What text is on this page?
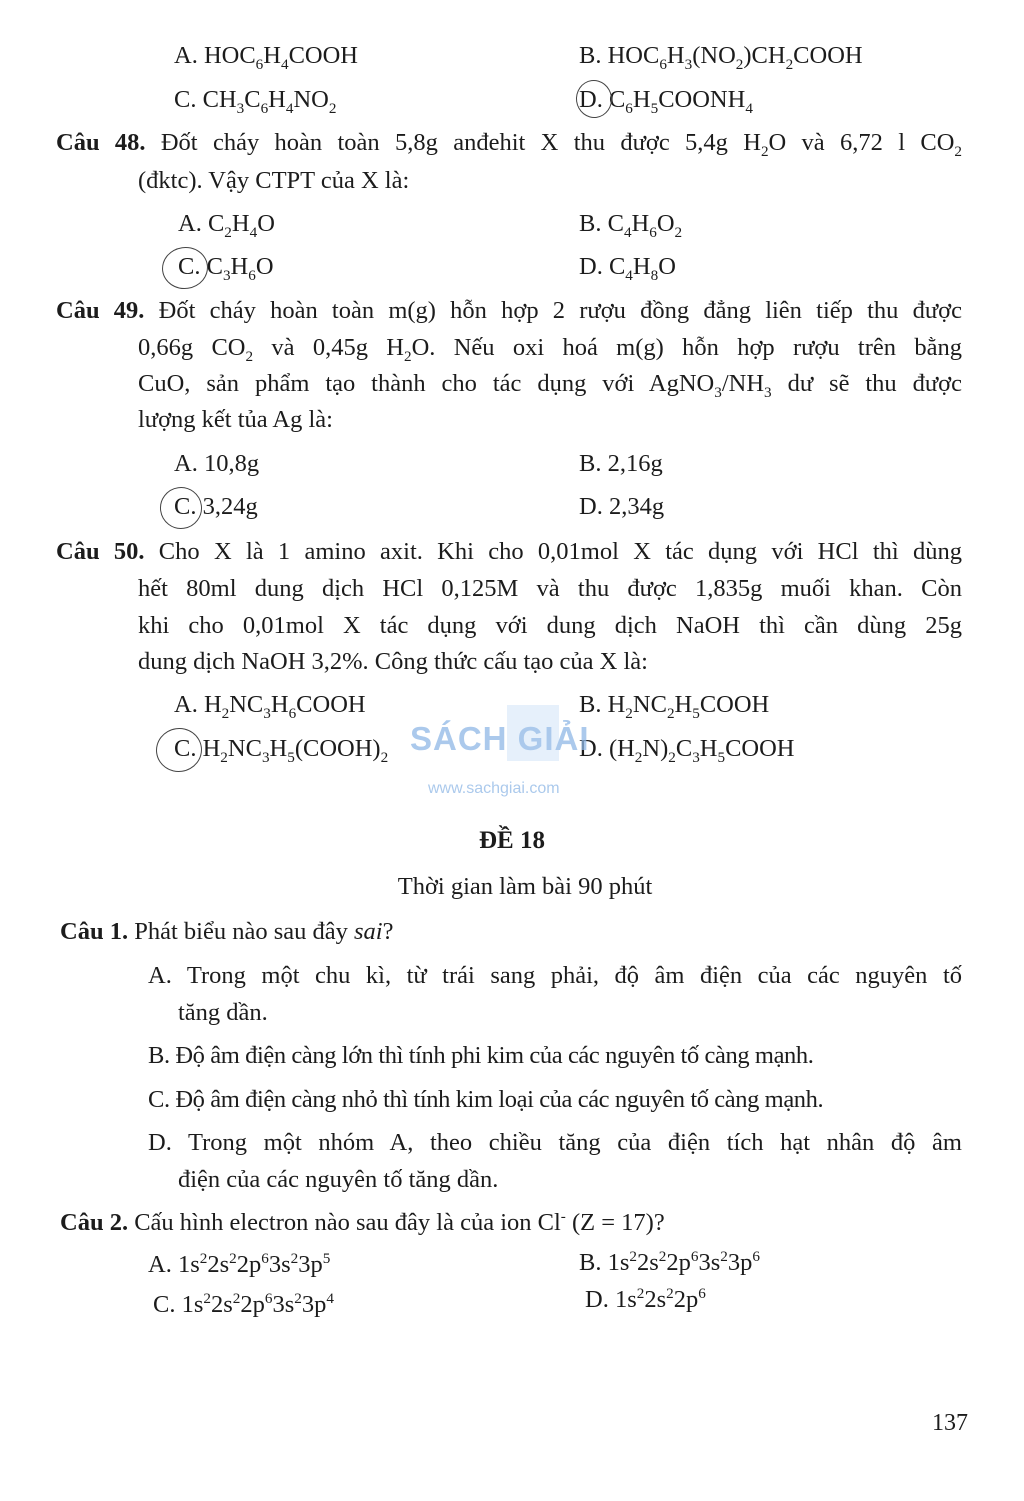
A. $HOC_6H_4COOH$	B. $HOC_6H_3(NO_2)CH_2COOH$
C. $CH_3C_6H_4NO_2$	D. $C_6H_5COONH_4$
Câu 48. Đốt cháy hoàn toàn 5,8g anđehit X thu được 5,4g $H_2O$ và 6,72 l $CO_2$
(đktc). Vậy CTPT của X là:
A. $C_2H_4O$	B. $C_4H_6O_2$
C. $C_3H_6O$	D. $C_4H_8O$
Câu 49. Đốt cháy hoàn toàn m(g) hỗn hợp 2 rượu đồng đẳng liên tiếp thu được
0,66g $CO_2$ và 0,45g $H_2O$. Nếu oxi hoá m(g) hỗn hợp rượu trên bằng
CuO, sản phẩm tạo thành cho tác dụng với $AgNO_3/NH_3$ dư sẽ thu được
lượng kết tủa Ag là:
A. 10,8g	B. 2,16g
C. 3,24g	D. 2,34g
Câu 50. Cho X là 1 amino axit. Khi cho 0,01mol X tác dụng với HCl thì dùng
hết 80ml dung dịch HCl 0,125M và thu được 1,835g muối khan. Còn
khi cho 0,01mol X tác dụng với dung dịch NaOH thì cần dùng 25g
dung dịch NaOH 3,2%. Công thức cấu tạo của X là:
A. $H_2NC_3H_6COOH$	B. $H_2NC_2H_5COOH$
C. $H_2NC_3H_5(COOH)_2$	D. $(H_2N)_2C_3H_5COOH$
SÁCH GIẢI
www.sachgiai.com
ĐỀ 18
Thời gian làm bài 90 phút
Câu 1. Phát biểu nào sau đây sai?
A. Trong một chu kì, từ trái sang phải, độ âm điện của các nguyên tố
tăng dần.
B. Độ âm điện càng lớn thì tính phi kim của các nguyên tố càng mạnh.
C. Độ âm điện càng nhỏ thì tính kim loại của các nguyên tố càng mạnh.
D. Trong một nhóm A, theo chiều tăng của điện tích hạt nhân độ âm
điện của các nguyên tố tăng dần.
Câu 2. Cấu hình electron nào sau đây là của ion Cl- (Z = 17)?
A. $1s^22s^22p^63s^23p^5$	B. $1s^22s^22p^63s^23p^6$
C. $1s^22s^22p^63s^23p^4$	D. $1s^22s^22p^6$
137
